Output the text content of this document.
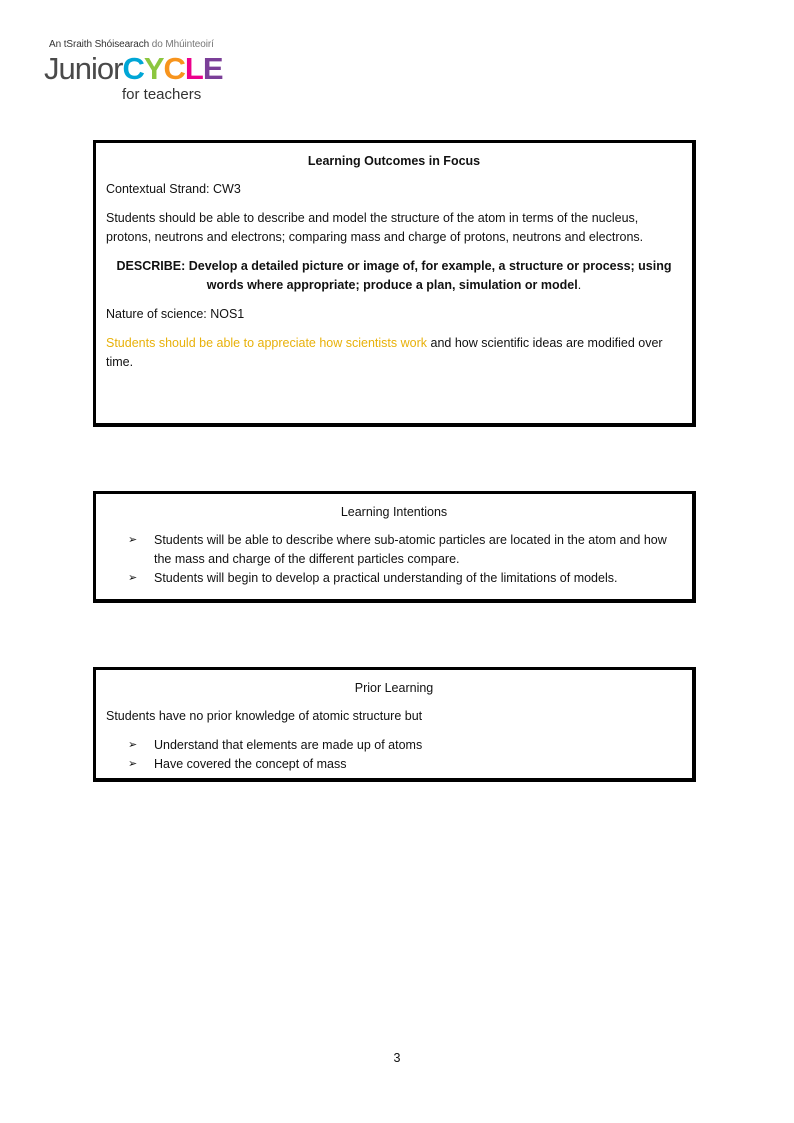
An tSraith Shóisearach do Mhúinteoirí
JuniorCYCLE
for teachers

Learning Outcomes in Focus

Contextual Strand: CW3

Students should be able to describe and model the structure of the atom in terms of the nucleus, protons, neutrons and electrons; comparing mass and charge of protons, neutrons and electrons.

DESCRIBE: Develop a detailed picture or image of, for example, a structure or process; using words where appropriate; produce a plan, simulation or model.

Nature of science: NOS1

Students should be able to appreciate how scientists work and how scientific ideas are modified over time.

Learning Intentions

➢ Students will be able to describe where sub-atomic particles are located in the atom and how the mass and charge of the different particles compare.
➢ Students will begin to develop a practical understanding of the limitations of models.

Prior Learning

Students have no prior knowledge of atomic structure but

➢ Understand that elements are made up of atoms
➢ Have covered the concept of mass
3
